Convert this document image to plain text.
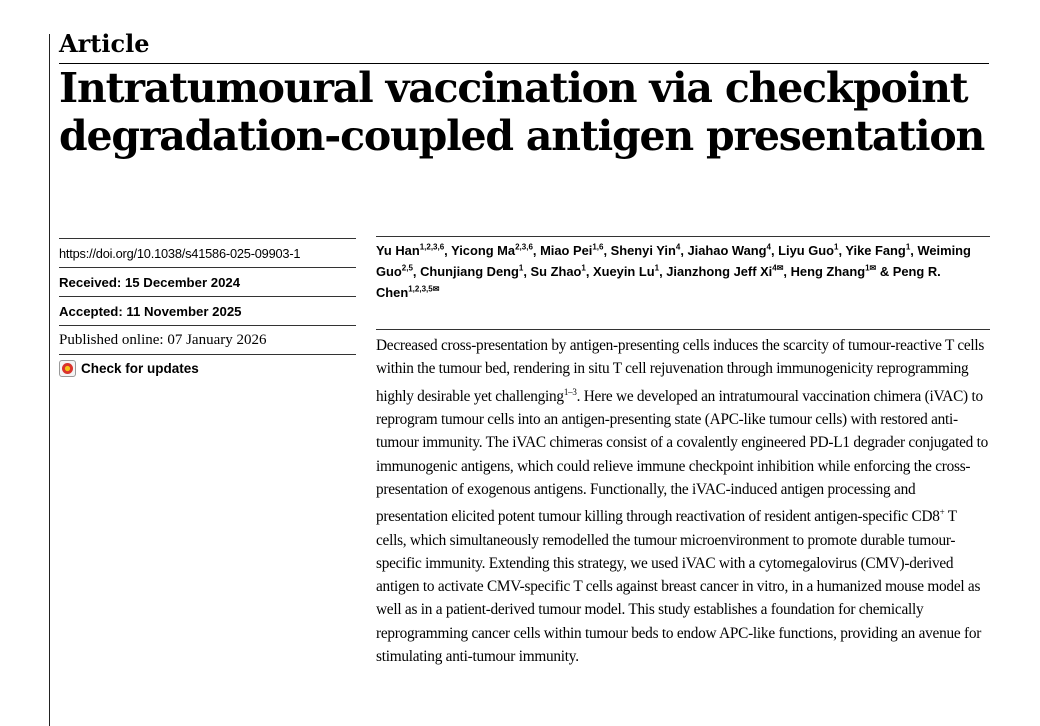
Article
Intratumoural vaccination via checkpoint
degradation-coupled antigen presentation
https://doi.org/10.1038/s41586-025-09903-1
Received: 15 December 2024
Accepted: 11 November 2025
Published online: 07 January 2026
Check for updates
Yu Han$^{1,2,3,6}$, Yicong Ma$^{2,3,6}$, Miao Pei$^{1,6}$, Shenyi Yin$^4$, Jiahao Wang$^4$, Liyu Guo$^1$, Yike Fang$^1$, Weiming Guo$^{2,5}$, Chunjiang Deng$^1$, Su Zhao$^1$, Xueyin Lu$^1$, Jianzhong Jeff $Xi^{4✉}$, Heng Zhang$^{1✉}$ & Peng R. Chen$^{1,2,3,5✉}$

Decreased cross-presentation by antigen-presenting cells induces the scarcity of tumour-reactive T cells within the tumour bed, rendering in situ T cell rejuvenation through immunogenicity reprogramming highly desirable yet challenging$^{1-3}$. Here we developed an intratumoural vaccination chimera (iVAC) to reprogram tumour cells into an antigen-presenting state (APC-like tumour cells) with restored anti-tumour immunity. The iVAC chimeras consist of a covalently engineered PD-L1 degrader conjugated to immunogenic antigens, which could relieve immune checkpoint inhibition while enforcing the cross-presentation of exogenous antigens. Functionally, the iVAC-induced antigen processing and presentation elicited potent tumour killing through reactivation of resident antigen-specific CD8+ T cells, which simultaneously remodelled the tumour microenvironment to promote durable tumour-specific immunity. Extending this strategy, we used iVAC with a cytomegalovirus (CMV)-derived antigen to activate CMV-specific T cells against breast cancer in vitro, in a humanized mouse model as well as in a patient-derived tumour model. This study establishes a foundation for chemically reprogramming cancer cells within tumour beds to endow APC-like functions, providing an avenue for stimulating anti-tumour immunity.
